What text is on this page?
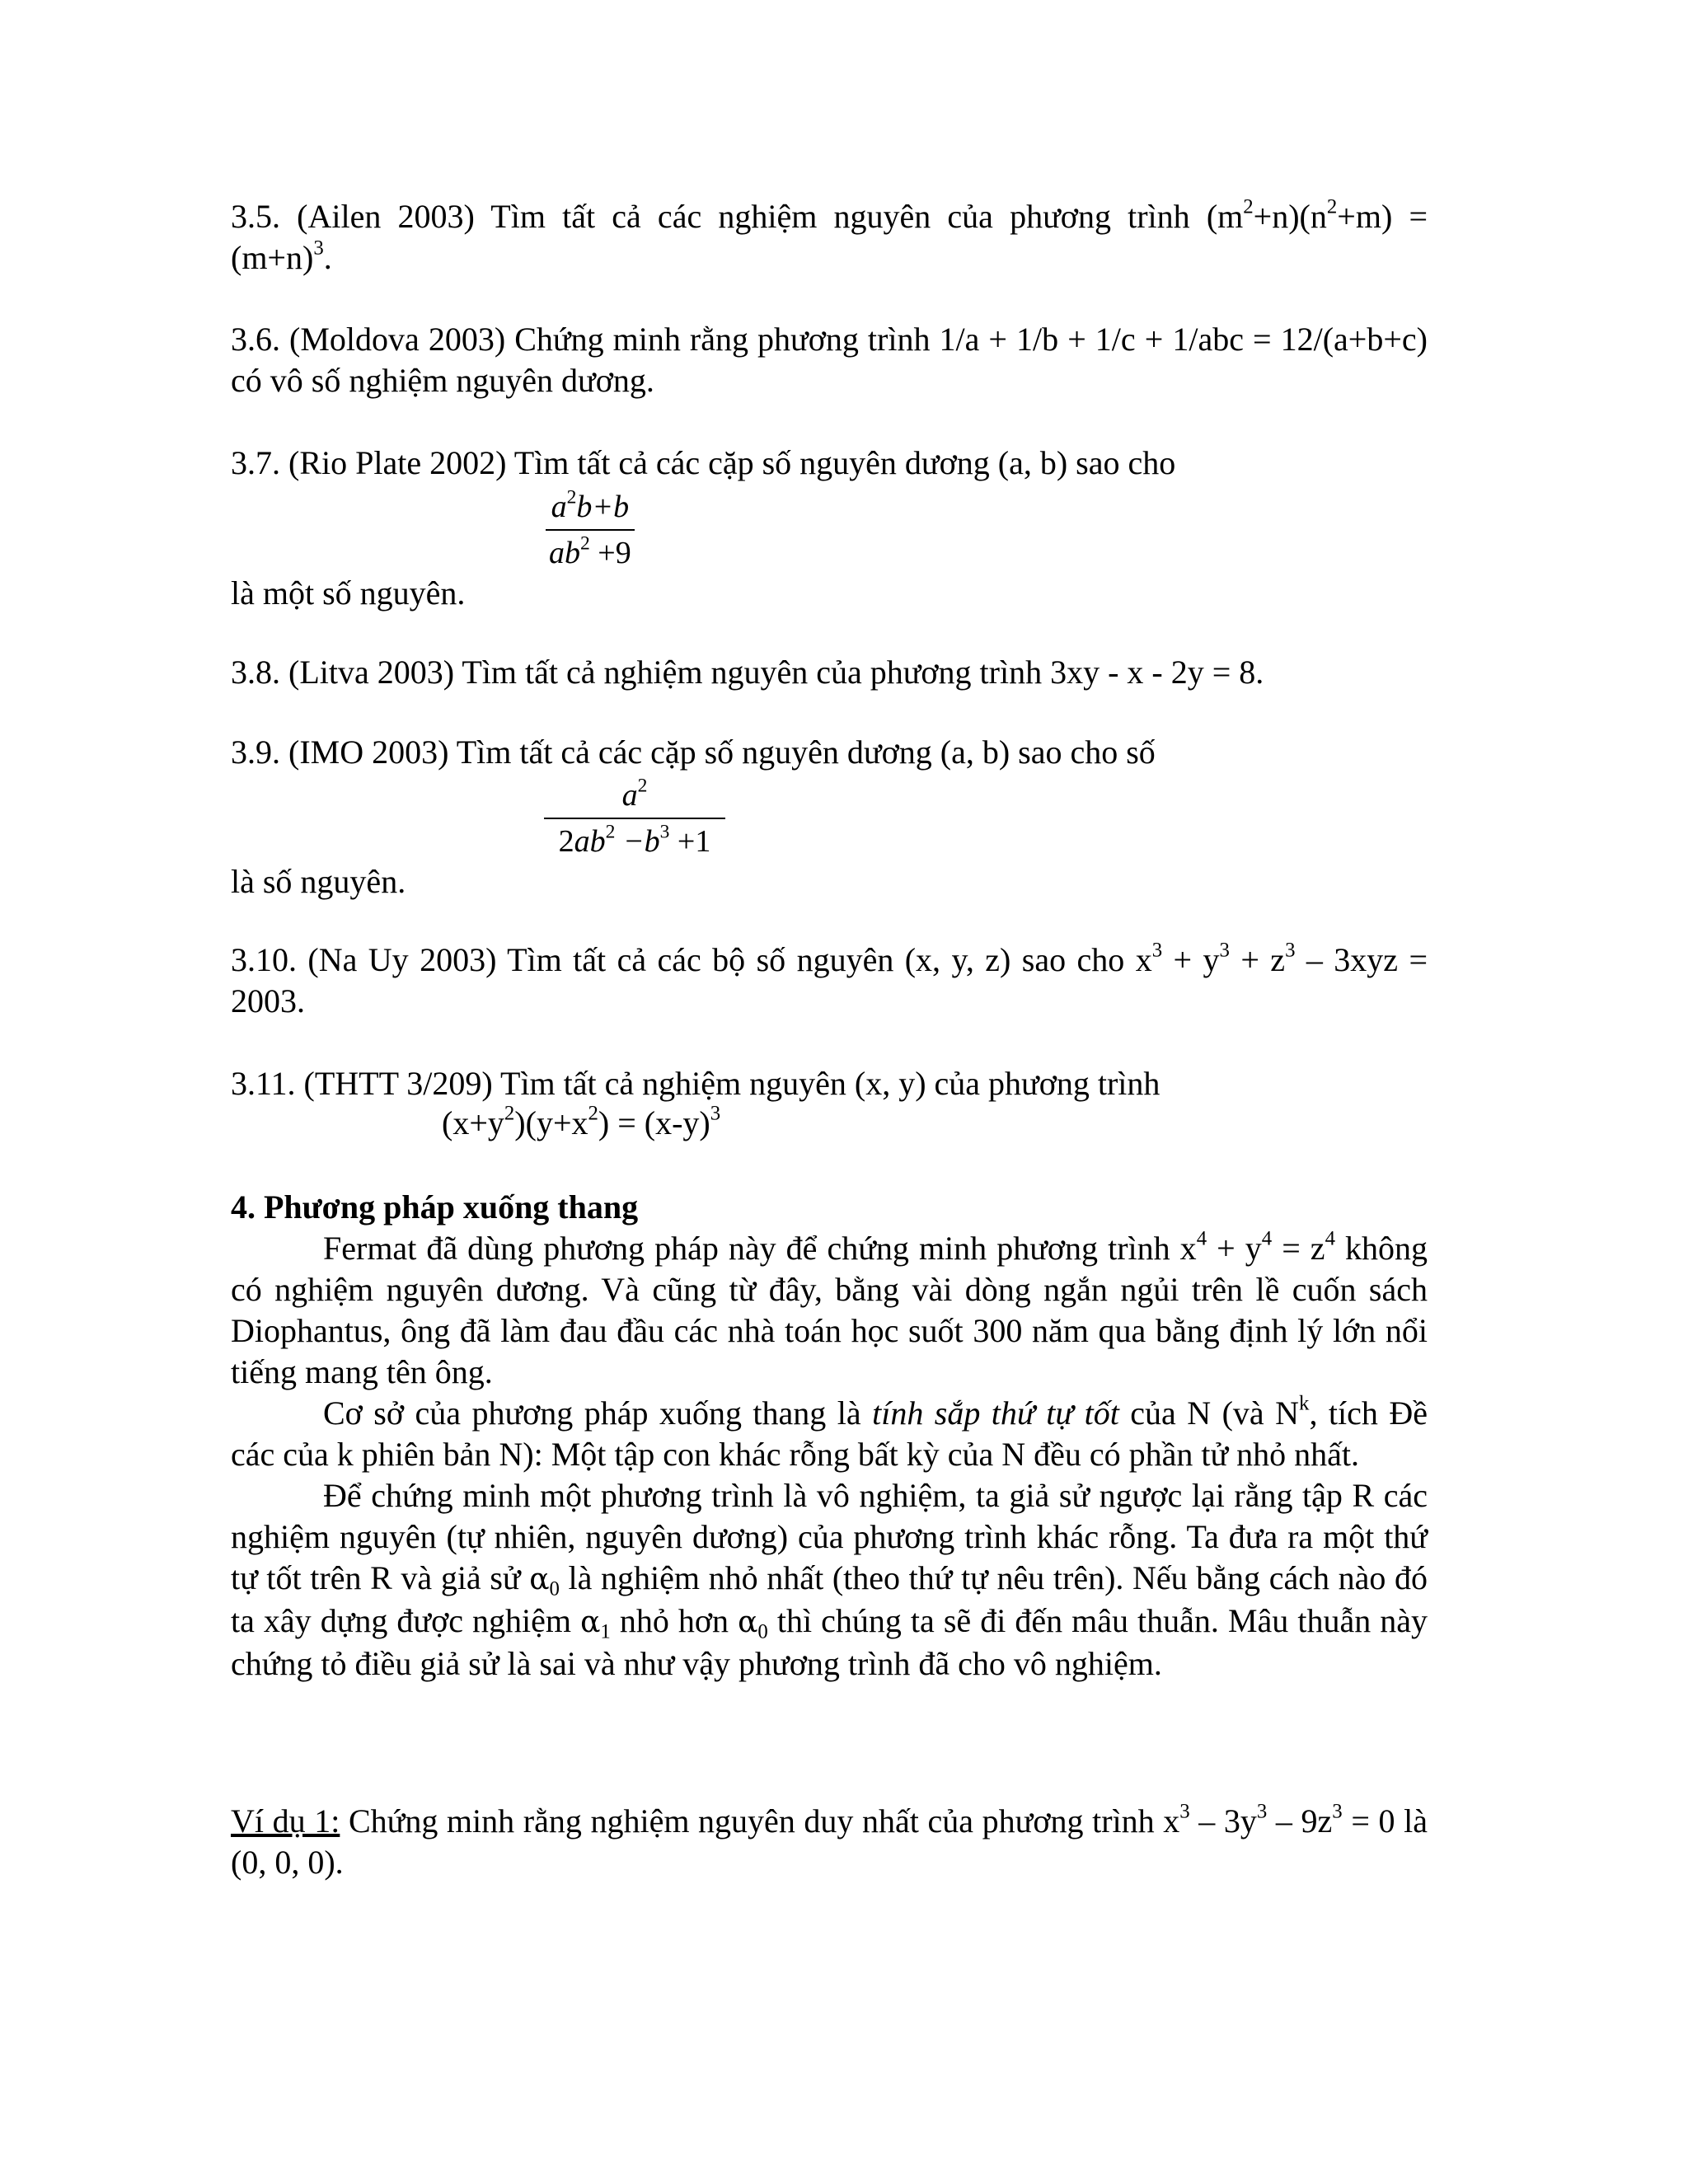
3.5. (Ailen 2003) Tìm tất cả các nghiệm nguyên của phương trình $(m^2+n)(n^2+m) = (m+n)^3$.

3.6. (Moldova 2003) Chứng minh rằng phương trình 1/a + 1/b + 1/c + 1/abc = 12/(a+b+c) có vô số nghiệm nguyên dương.

3.7. (Rio Plate 2002) Tìm tất cả các cặp số nguyên dương (a, b) sao cho

$\frac{a^2b+b}{ab^2 +9}$

là một số nguyên.

3.8. (Litva 2003) Tìm tất cả nghiệm nguyên của phương trình 3xy - x - 2y = 8.

3.9. (IMO 2003) Tìm tất cả các cặp số nguyên dương (a, b) sao cho số

$\frac{a^2}{2ab^2 -b^3 +1}$

là số nguyên.

3.10. (Na Uy 2003) Tìm tất cả các bộ số nguyên (x, y, z) sao cho $x^3 + y^3 + z^3 - 3xyz = 2003$.

3.11. (THTT 3/209) Tìm tất cả nghiệm nguyên (x, y) của phương trình

$(x+y^2)(y+x^2) = (x-y)^3$

4. Phương pháp xuống thang

Fermat đã dùng phương pháp này để chứng minh phương trình $x^4 + y^4 = z^4$ không có nghiệm nguyên dương. Và cũng từ đây, bằng vài dòng ngắn ngủi trên lề cuốn sách Diophantus, ông đã làm đau đầu các nhà toán học suốt 300 năm qua bằng định lý lớn nổi tiếng mang tên ông.

Cơ sở của phương pháp xuống thang là tính sắp thứ tự tốt của N (và $N^k$, tích Đề các của k phiên bản N): Một tập con khác rỗng bất kỳ của N đều có phần tử nhỏ nhất.

Để chứng minh một phương trình là vô nghiệm, ta giả sử ngược lại rằng tập R các nghiệm nguyên (tự nhiên, nguyên dương) của phương trình khác rỗng. Ta đưa ra một thứ tự tốt trên R và giả sử $\alpha_0$ là nghiệm nhỏ nhất (theo thứ tự nêu trên). Nếu bằng cách nào đó ta xây dựng được nghiệm $\alpha_1$ nhỏ hơn $\alpha_0$ thì chúng ta sẽ đi đến mâu thuẫn. Mâu thuẫn này chứng tỏ điều giả sử là sai và như vậy phương trình đã cho vô nghiệm.

Ví dụ 1: Chứng minh rằng nghiệm nguyên duy nhất của phương trình $x^3 - 3y^3 - 9z^3 = 0$ là (0, 0, 0).
